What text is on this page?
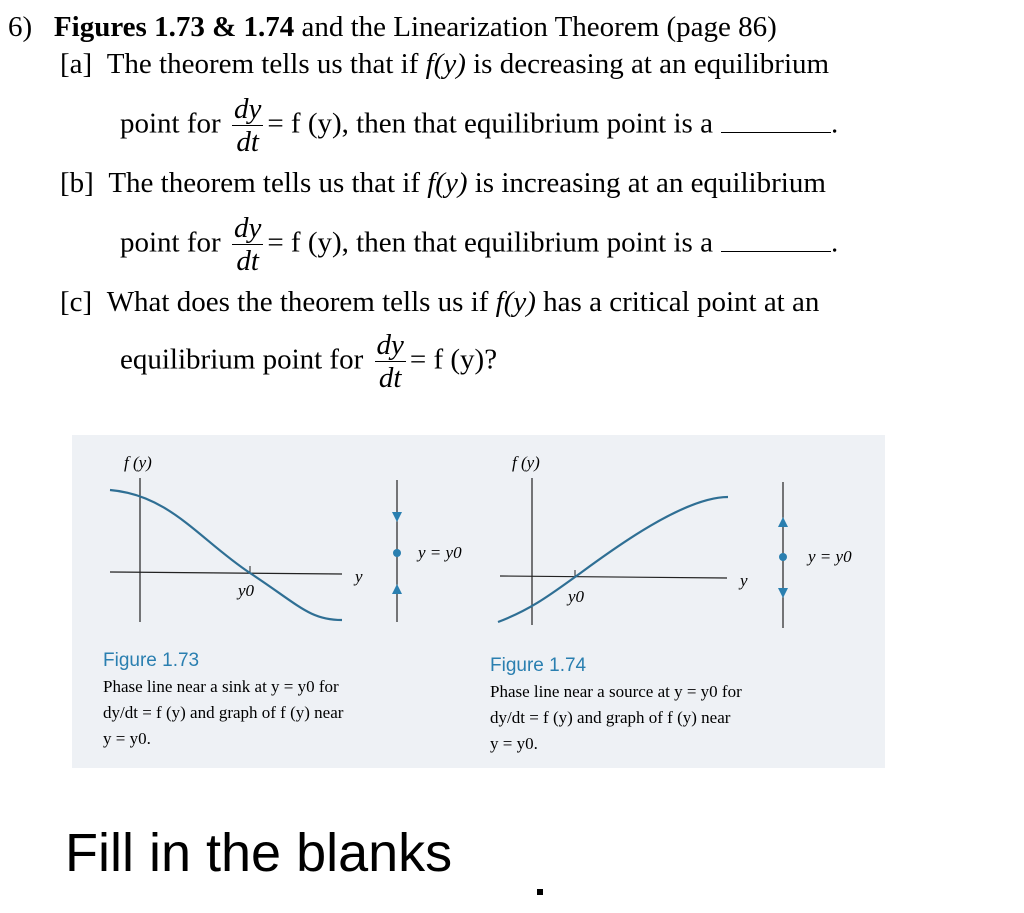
6) Figures 1.73 & 1.74 and the Linearization Theorem (page 86)
[a] The theorem tells us that if f(y) is decreasing at an equilibrium
point for $\frac{dy}{dt} = f$ (y), then that equilibrium point is a	.
[b] The theorem tells us that if f(y) is increasing at an equilibrium
point for $\frac{dy}{dt} = f$ (y), then that equilibrium point is a	.
[c] What does the theorem tells us if f(y) has a critical point at an
equilibrium point for $\frac{dy}{dt} = f$ (y)?
f (y)
y
y0
y = y0
f (y)
y
y0
y = y0
Figure 1.73	Figure 1.74
Phase line near a sink at y = y0 for
dy/dt = f (y) and graph of f (y) near
y = y0.
Phase line near a source at y = y0 for
dy/dt = f (y) and graph of f (y) near
y = y0.
Fill in the blanks
